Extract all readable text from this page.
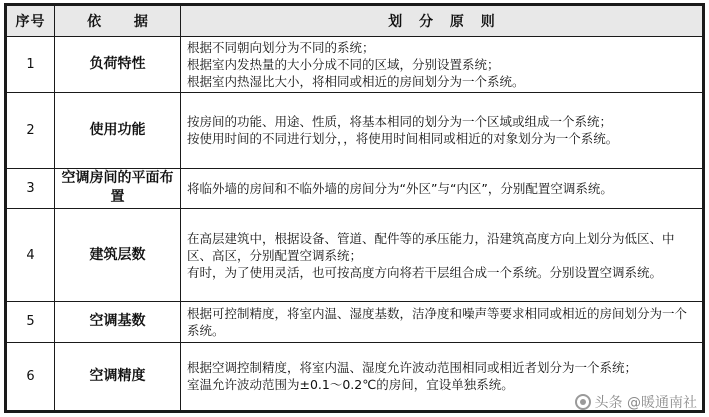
序号	依 据	划 分 原 则
1	负荷特性	根据不同朝向划分为不同的系统；
根据室内发热量的大小分成不同的区域，分别设置系统；
根据室内热湿比大小，将相同或相近的房间划分为一个系统。

2	使用功能	按房间的功能、用途、性质，将基本相同的划分为一个区域或组成一个系统；
按使用时间的不同进行划分，，将使用时间相同或相近的对象划分为一个系统。

3	空调房间的平面布置	将临外墙的房间和不临外墙的房间分为“外区”与“内区”，分别配置空调系统。

4	建筑层数	在高层建筑中，根据设备、管道、配件等的承压能力，沿建筑高度方向上划分为低区、中区、高区，分别配置空调系统；
有时，为了使用灵活，也可按高度方向将若干层组合成一个系统。分别设置空调系统。

5	空调基数	根据可控制精度，将室内温、湿度基数，洁净度和噪声等要求相同或相近的房间划分为一个系统。

6	空调精度	根据空调控制精度，将室内温、湿度允许波动范围相同或相近者划分为一个系统；
室温允许波动范围为±0.1～0.2℃的房间，宜设单独系统。
头条 @暖通南社
